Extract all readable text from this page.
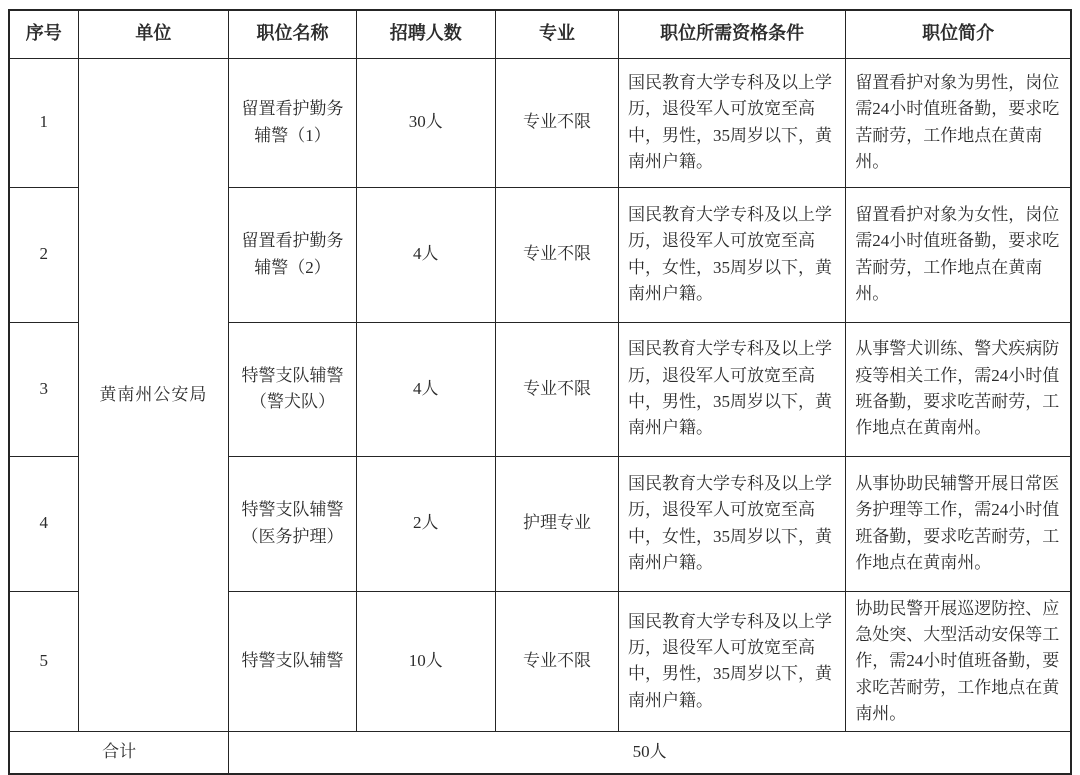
序号	单位	职位名称	招聘人数	专业	职位所需资格条件	职位简介
1	黄南州公安局	留置看护勤务辅警（1）	30人	专业不限	国民教育大学专科及以上学历，退役军人可放宽至高中，男性，35周岁以下，黄南州户籍。	留置看护对象为男性，岗位需24小时值班备勤，要求吃苦耐劳，工作地点在黄南州。
2		留置看护勤务辅警（2）	4人	专业不限	国民教育大学专科及以上学历，退役军人可放宽至高中，女性，35周岁以下，黄南州户籍。	留置看护对象为女性，岗位需24小时值班备勤，要求吃苦耐劳，工作地点在黄南州。
3		特警支队辅警（警犬队）	4人	专业不限	国民教育大学专科及以上学历，退役军人可放宽至高中，男性，35周岁以下，黄南州户籍。	从事警犬训练、警犬疾病防疫等相关工作，需24小时值班备勤，要求吃苦耐劳，工作地点在黄南州。
4		特警支队辅警（医务护理）	2人	护理专业	国民教育大学专科及以上学历，退役军人可放宽至高中，女性，35周岁以下，黄南州户籍。	从事协助民辅警开展日常医务护理等工作，需24小时值班备勤，要求吃苦耐劳，工作地点在黄南州。
5		特警支队辅警	10人	专业不限	国民教育大学专科及以上学历，退役军人可放宽至高中，男性，35周岁以下，黄南州户籍。	协助民警开展巡逻防控、应急处突、大型活动安保等工作，需24小时值班备勤，要求吃苦耐劳，工作地点在黄南州。
合计		50人				
